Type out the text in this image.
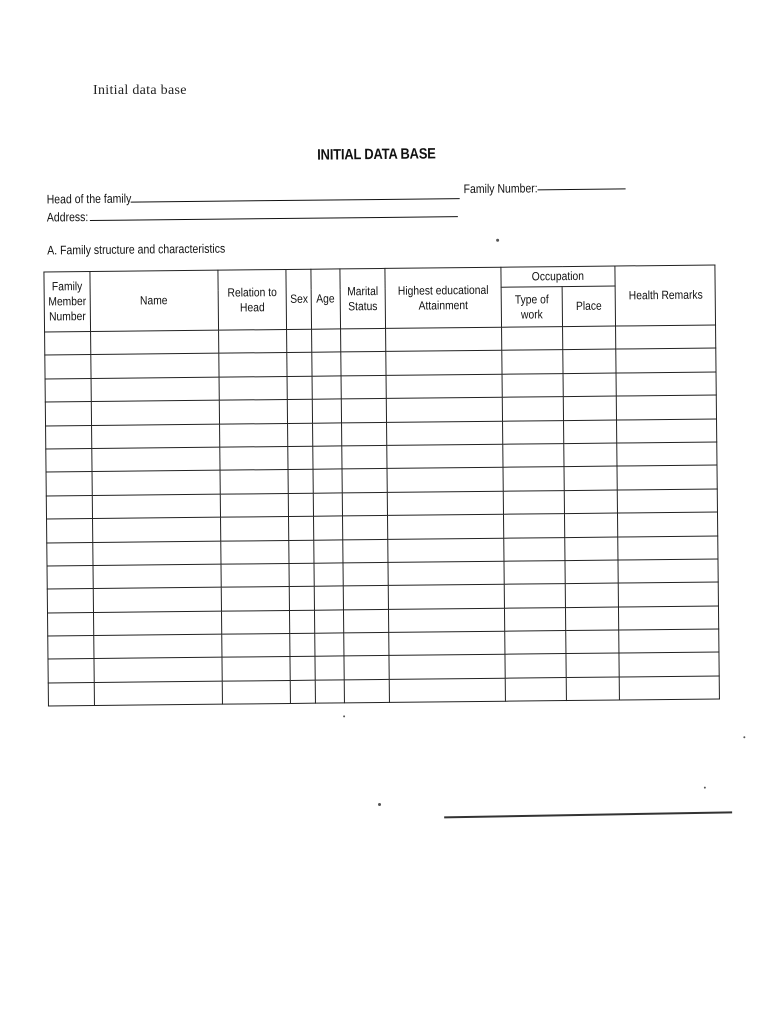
Initial data base
INITIAL DATA BASE
Head of the family
Family Number:
Address:
A. Family structure and characteristics
Family Member Number	Name	Relation to Head	Sex	Age	Marital Status	Highest educational Attainment	Occupation		Health Remarks
							Type of work	Place	
